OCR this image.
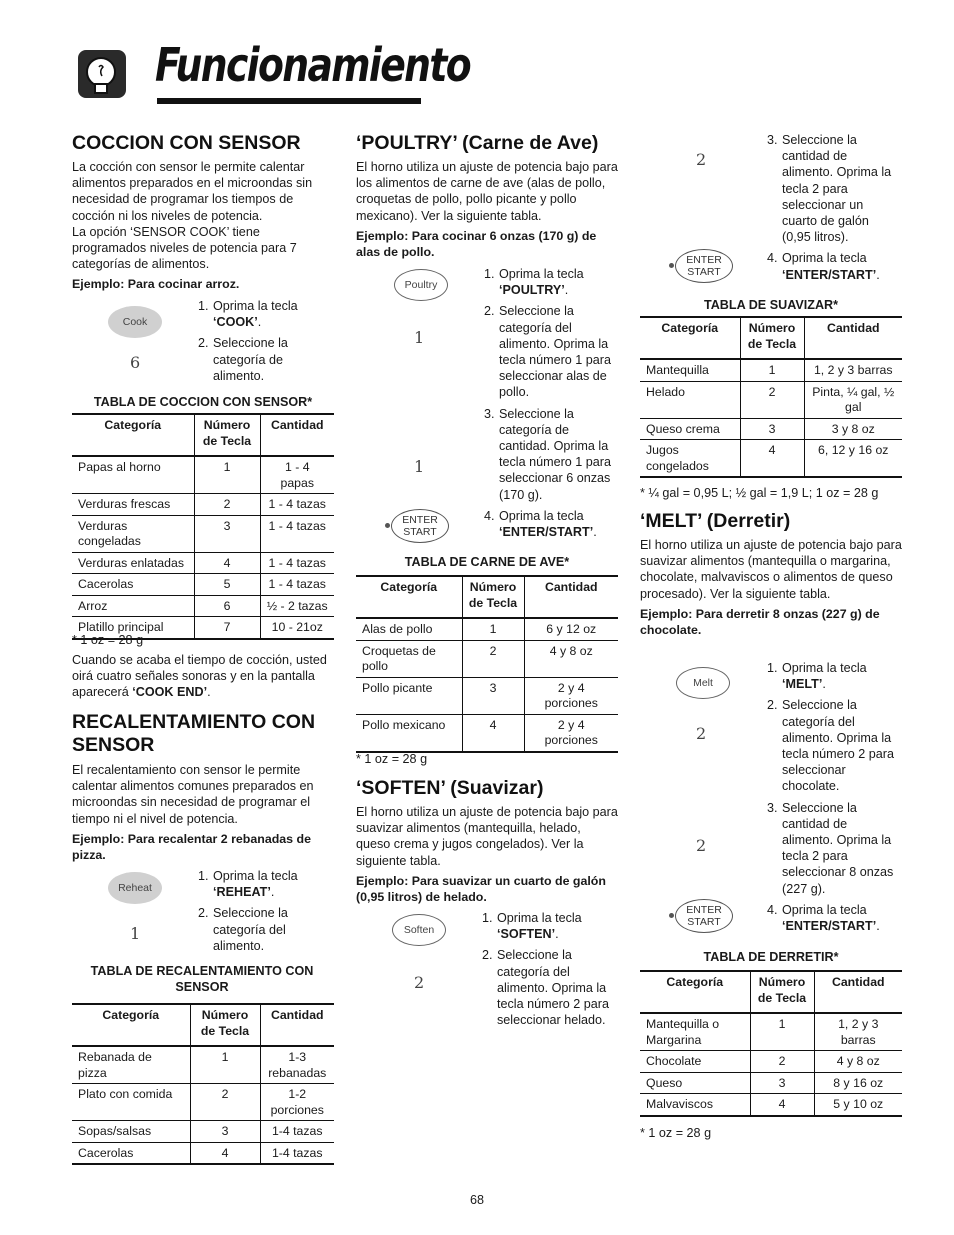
Funcionamiento
COCCION CON SENSOR

La cocción con sensor le permite calentar alimentos preparados en el microondas sin necesidad de programar los tiempos de cocción ni los niveles de potencia.

La opción ‘SENSOR COOK’ tiene programados niveles de potencia para 7 categorías de alimentos.

Ejemplo: Para cocinar arroz.

Cook
6
1. Oprima la tecla
‘COOK’.
2. Seleccione la categoría de alimento.
TABLA DE COCCION CON SENSOR*
Categoría	Número de Tecla	Cantidad
Papas al horno	1	1 - 4 papas
Verduras frescas	2	1 - 4 tazas
Verduras congeladas	3	1 - 4 tazas
Verduras enlatadas	4	1 - 4 tazas
Cacerolas	5	1 - 4 tazas
Arroz	6	½ - 2 tazas
Platillo principal	7	10 - 21oz
* 1 oz = 28 g

Cuando se acaba el tiempo de cocción, usted oirá cuatro señales sonoras y en la pantalla aparecerá ‘COOK END’.

RECALENTAMIENTO CON SENSOR

El recalentamiento con sensor le permite calentar alimentos comunes preparados en microondas sin necesidad de programar el tiempo ni el nivel de potencia.

Ejemplo: Para recalentar 2 rebanadas de pizza.

Reheat
1
1. Oprima la tecla
‘REHEAT’.
2. Seleccione la categoría del alimento.
TABLA DE RECALENTAMIENTO CON SENSOR
Categoría	Número de Tecla	Cantidad
Rebanada de pizza	1	1-3 rebanadas
Plato con comida	2	1-2 porciones
Sopas/salsas	3	1-4 tazas
Cacerolas	4	1-4 tazas
‘POULTRY’ (Carne de Ave)

El horno utiliza un ajuste de potencia bajo para los alimentos de carne de ave (alas de pollo, croquetas de pollo, pollo picante y pollo mexicano). Ver la siguiente tabla.

Ejemplo: Para cocinar 6 onzas (170 g) de alas de pollo.

Poultry
1
1
ENTER
START
1. Oprima la tecla
‘POULTRY’.
2. Seleccione la categoría del alimento. Oprima la tecla número 1 para seleccionar alas de pollo.
3. Seleccione la categoría de cantidad. Oprima la tecla número 1 para seleccionar 6 onzas (170 g).
4. Oprima la tecla
‘ENTER/START’.
TABLA DE CARNE DE AVE*
Categoría	Número de Tecla	Cantidad
Alas de pollo	1	6 y 12 oz
Croquetas de pollo	2	4 y 8 oz
Pollo picante	3	2 y 4 porciones
Pollo mexicano	4	2 y 4 porciones
* 1 oz = 28 g
‘SOFTEN’ (Suavizar)

El horno utiliza un ajuste de potencia bajo para suavizar alimentos (mantequilla, helado, queso crema y jugos congelados). Ver la siguiente tabla.

Ejemplo: Para suavizar un cuarto de galón (0,95 litros) de helado.

Soften
2
1. Oprima la tecla
‘SOFTEN’.
2. Seleccione la categoría del alimento. Oprima la tecla número 2 para seleccionar helado.
2
ENTER
START
3. Seleccione la cantidad de alimento. Oprima la tecla 2 para seleccionar un cuarto de galón (0,95 litros).
4. Oprima la tecla
‘ENTER/START’.
TABLA DE SUAVIZAR*
Categoría	Número de Tecla	Cantidad
Mantequilla	1	1, 2 y 3 barras
Helado	2	Pinta, ¼ gal, ½ gal
Queso crema	3	3 y 8 oz
Jugos congelados	4	6, 12 y 16 oz
* ¼ gal = 0,95 L; ½ gal = 1,9 L; 1 oz = 28 g
‘MELT’ (Derretir)

El horno utiliza un ajuste de potencia bajo para suavizar alimentos (mantequilla o margarina, chocolate, malvaviscos o alimentos de queso procesado). Ver la siguiente tabla.

Ejemplo: Para derretir 8 onzas (227 g) de chocolate.

Melt
2
2
ENTER
START
1. Oprima la tecla
‘MELT’.
2. Seleccione la categoría del alimento. Oprima la tecla número 2 para seleccionar chocolate.
3. Seleccione la cantidad de alimento. Oprima la tecla 2 para seleccionar 8 onzas (227 g).
4. Oprima la tecla
‘ENTER/START’.
TABLA DE DERRETIR*
Categoría	Número de Tecla	Cantidad
Mantequilla o Margarina	1	1, 2 y 3 barras
Chocolate	2	4 y 8 oz
Queso	3	8 y 16 oz
Malvaviscos	4	5 y 10 oz
* 1 oz = 28 g
68
